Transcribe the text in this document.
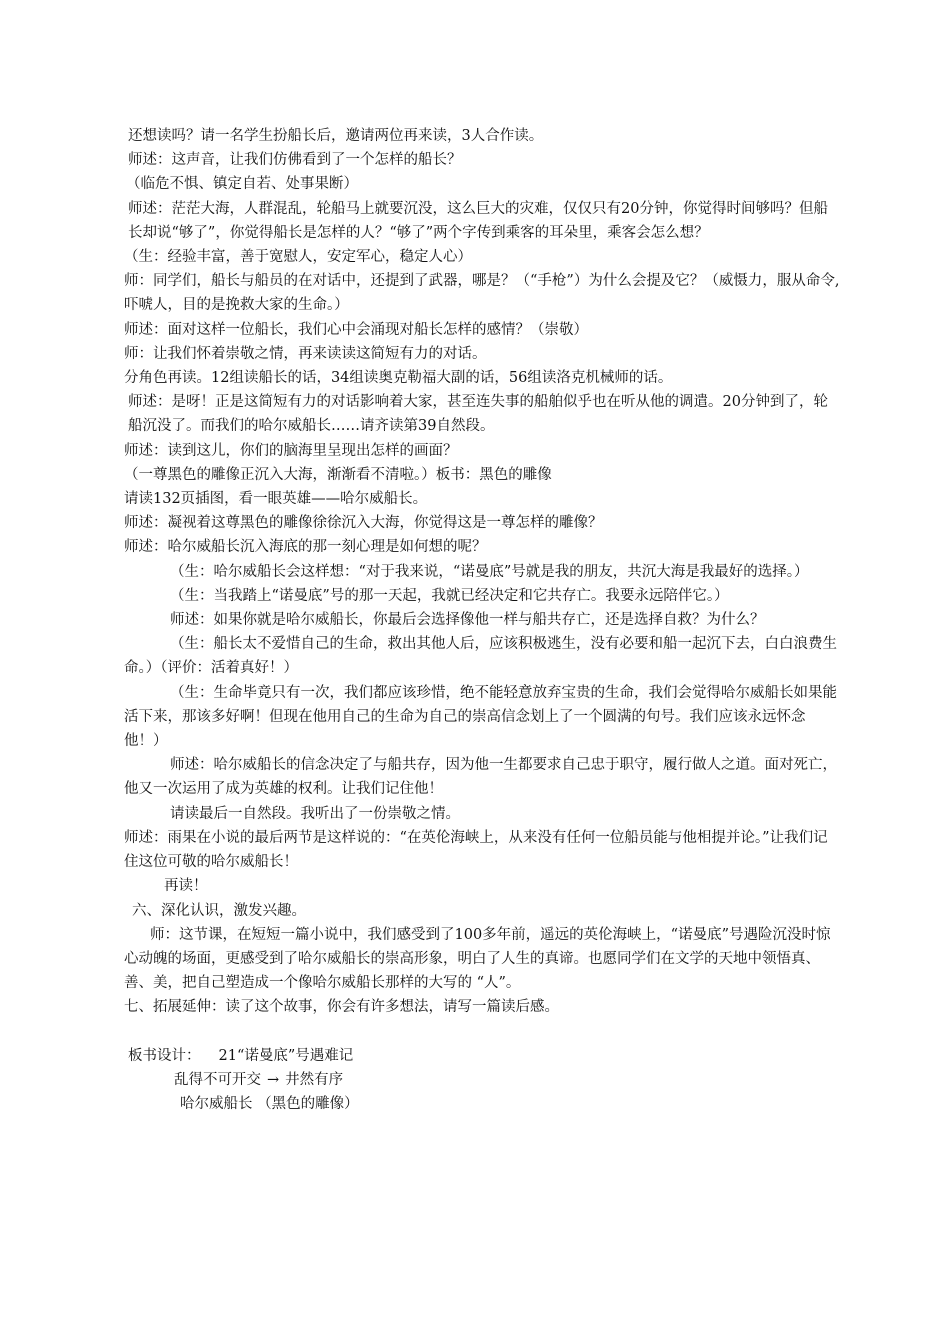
还想读吗？请一名学生扮船长后，邀请两位再来读，3人合作读。

师述：这声音，让我们仿佛看到了一个怎样的船长？

（临危不惧、镇定自若、处事果断）

师述：茫茫大海，人群混乱，轮船马上就要沉没，这么巨大的灾难，仅仅只有20分钟，你觉得时间够吗？但船长却说“够了”，你觉得船长是怎样的人？“够了”两个字传到乘客的耳朵里，乘客会怎么想？

（生：经验丰富，善于宽慰人，安定军心，稳定人心）

师：同学们，船长与船员的在对话中，还提到了武器，哪是？（“手枪”）为什么会提及它？（威慑力，服从命令,吓唬人，目的是挽救大家的生命。）

师述：面对这样一位船长，我们心中会涌现对船长怎样的感情？（崇敬）

师：让我们怀着崇敬之情，再来读读这简短有力的对话。

分角色再读。12组读船长的话，34组读奥克勒福大副的话，56组读洛克机械师的话。

师述：是呀！正是这简短有力的对话影响着大家，甚至连失事的船舶似乎也在听从他的调遣。20分钟到了，轮船沉没了。而我们的哈尔威船长……请齐读第39自然段。

师述：读到这儿，你们的脑海里呈现出怎样的画面？

（一尊黑色的雕像正沉入大海，渐渐看不清啦。）板书：黑色的雕像

请读132页插图，看一眼英雄——哈尔威船长。

师述：凝视着这尊黑色的雕像徐徐沉入大海，你觉得这是一尊怎样的雕像？

师述：哈尔威船长沉入海底的那一刻心理是如何想的呢？

（生：哈尔威船长会这样想：“对于我来说，“诺曼底”号就是我的朋友，共沉大海是我最好的选择。）

（生：当我踏上“诺曼底”号的那一天起，我就已经决定和它共存亡。我要永远陪伴它。）

师述：如果你就是哈尔威船长，你最后会选择像他一样与船共存亡，还是选择自救？为什么？

（生：船长太不爱惜自己的生命，救出其他人后，应该积极逃生，没有必要和船一起沉下去，白白浪费生命。）（评价：活着真好！）

（生：生命毕竟只有一次，我们都应该珍惜，绝不能轻意放弃宝贵的生命，我们会觉得哈尔威船长如果能活下来，那该多好啊！但现在他用自己的生命为自己的崇高信念划上了一个圆满的句号。我们应该永远怀念他！）

师述：哈尔威船长的信念决定了与船共存，因为他一生都要求自己忠于职守，履行做人之道。面对死亡，他又一次运用了成为英雄的权利。让我们记住他！

请读最后一自然段。我听出了一份崇敬之情。

师述：雨果在小说的最后两节是这样说的：“在英伦海峡上，从来没有任何一位船员能与他相提并论。”让我们记住这位可敬的哈尔威船长！

再读！

六、深化认识，激发兴趣。

师：这节课，在短短一篇小说中，我们感受到了100多年前，遥远的英伦海峡上，“诺曼底”号遇险沉没时惊心动魄的场面，更感受到了哈尔威船长的崇高形象，明白了人生的真谛。也愿同学们在文学的天地中领悟真、善、美，把自己塑造成一个像哈尔威船长那样的大写的 “人”。

七、拓展延伸：读了这个故事，你会有许多想法，请写一篇读后感。

板书设计： 21“诺曼底”号遇难记

乱得不可开交 → 井然有序

哈尔威船长 （黑色的雕像）
